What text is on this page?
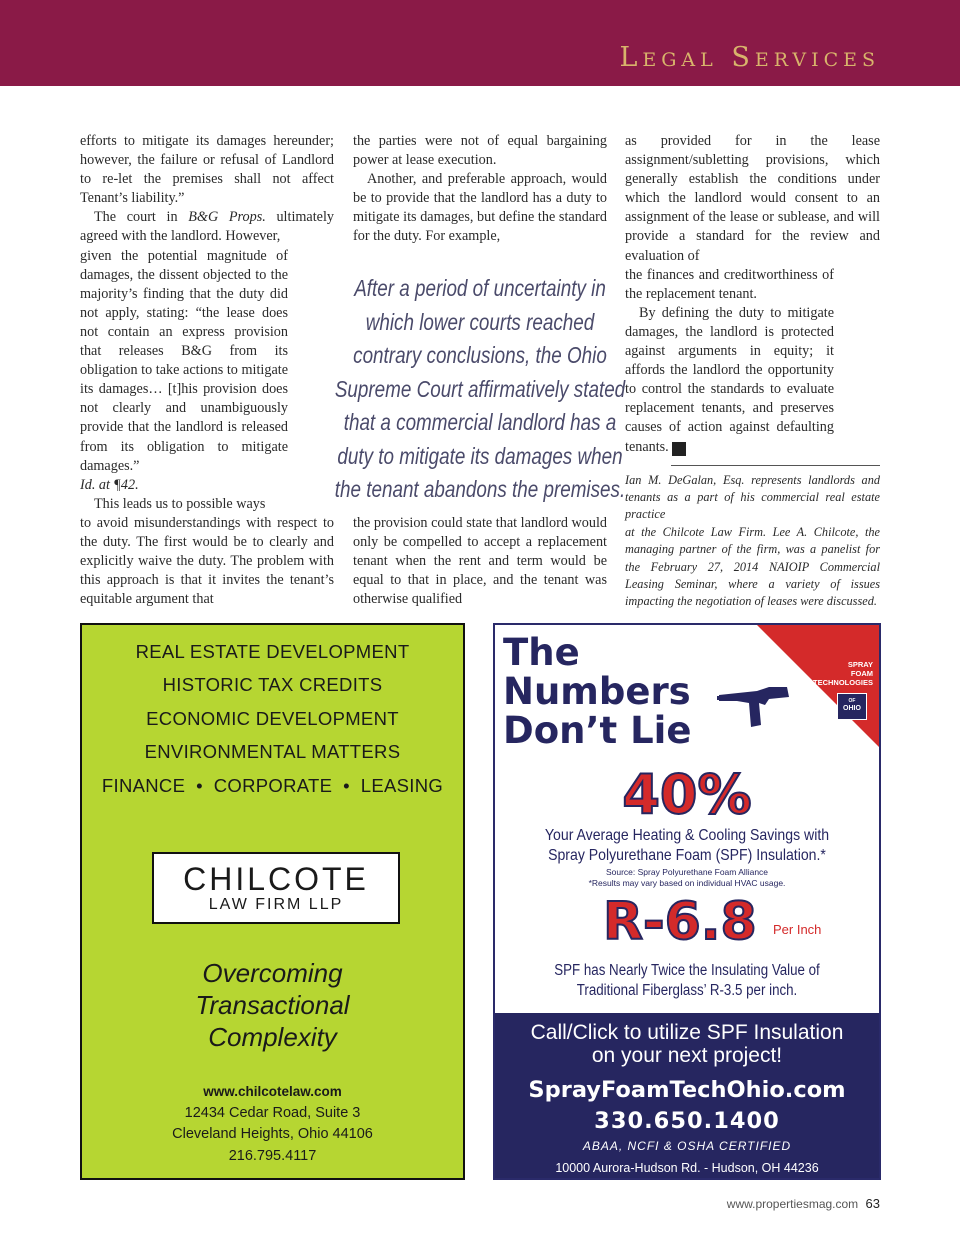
Legal Services

efforts to mitigate its damages hereunder; however, the failure or refusal of Landlord to re-let the premises shall not affect Tenant’s liability.”

The court in B&G Props. ultimately agreed with the landlord. However,

given the potential magnitude of damages, the dissent objected to the majority’s finding that the duty did not apply, stating: “the lease does not contain an express provision that releases B&G from its obligation to take actions to mitigate its damages… [t]his provision does not clearly and unambiguously provide that the landlord is released from its obligation to mitigate damages.”

Id. at ¶42.

This leads us to possible ways

to avoid misunderstandings with respect to the duty. The first would be to clearly and explicitly waive the duty. The problem with this approach is that it invites the tenant’s equitable argument that

the parties were not of equal bargaining power at lease execution.

Another, and preferable approach, would be to provide that the landlord has a duty to mitigate its damages, but define the standard for the duty. For example,

After a period of uncertainty in which lower courts reached contrary conclusions, the Ohio Supreme Court affirmatively stated that a commercial landlord has a duty to mitigate its damages when the tenant abandons the premises.

the provision could state that landlord would only be compelled to accept a replacement tenant when the rent and term would be equal to that in place, and the tenant was otherwise qualified

as provided for in the lease assignment/subletting provisions, which generally establish the conditions under which the landlord would consent to an assignment of the lease or sublease, and will provide a standard for the review and evaluation of

the finances and creditworthiness of the replacement tenant.

By defining the duty to mitigate damages, the landlord is protected against arguments in equity; it affords the landlord the opportunity to control the standards to evaluate replacement tenants, and preserves causes of action against defaulting tenants. P

Ian M. DeGalan, Esq. represents landlords and tenants as a part of his commercial real estate practice

at the Chilcote Law Firm. Lee A. Chilcote, the managing partner of the firm, was a panelist for the February 27, 2014 NAIOIP Commercial Leasing Seminar, where a variety of issues impacting the negotiation of leases were discussed.

REAL ESTATE DEVELOPMENT
HISTORIC TAX CREDITS
ECONOMIC DEVELOPMENT
ENVIRONMENTAL MATTERS
FINANCE  •  CORPORATE  •  LEASING
CHILCOTE
LAW FIRM LLP
Overcoming
Transactional
Complexity
www.chilcotelaw.com
12434 Cedar Road, Suite 3
Cleveland Heights, Ohio 44106
216.795.4117
The
Numbers
Don’t Lie
SPRAY
FOAM
TECHNOLOGIES
OF
OHIO
40%
Your Average Heating & Cooling Savings with
Spray Polyurethane Foam (SPF) Insulation.*
Source: Spray Polyurethane Foam Alliance
*Results may vary based on individual HVAC usage.
R-6.8 Per Inch
SPF has Nearly Twice the Insulating Value of
Traditional Fiberglass’ R-3.5 per inch.
Call/Click to utilize SPF Insulation
on your next project!
SprayFoamTechOhio.com
330.650.1400
ABAA, NCFI & OSHA CERTIFIED
10000 Aurora-Hudson Rd. - Hudson, OH 44236
www.propertiesmag.com 63
